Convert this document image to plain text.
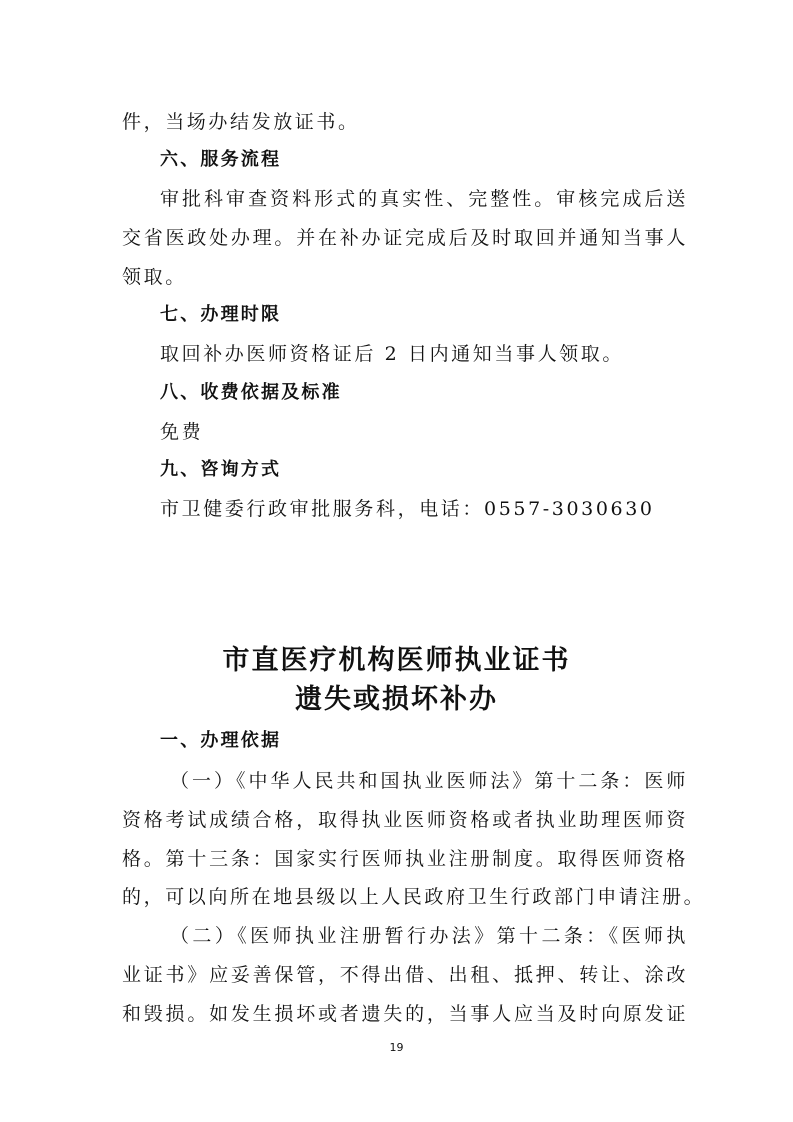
件，当场办结发放证书。
六、服务流程
审批科审查资料形式的真实性、完整性。审核完成后送
交省医政处办理。并在补办证完成后及时取回并通知当事人
领取。
七、办理时限
取回补办医师资格证后 2 日内通知当事人领取。
八、收费依据及标准
免费
九、咨询方式
市卫健委行政审批服务科，电话：0557-3030630
市直医疗机构医师执业证书
遗失或损坏补办
一、办理依据
（一）《中华人民共和国执业医师法》第十二条：医师
资格考试成绩合格，取得执业医师资格或者执业助理医师资
格。第十三条：国家实行医师执业注册制度。取得医师资格
的，可以向所在地县级以上人民政府卫生行政部门申请注册。
（二）《医师执业注册暂行办法》第十二条：《医师执
业证书》应妥善保管，不得出借、出租、抵押、转让、涂改
和毁损。如发生损坏或者遗失的，当事人应当及时向原发证
19
